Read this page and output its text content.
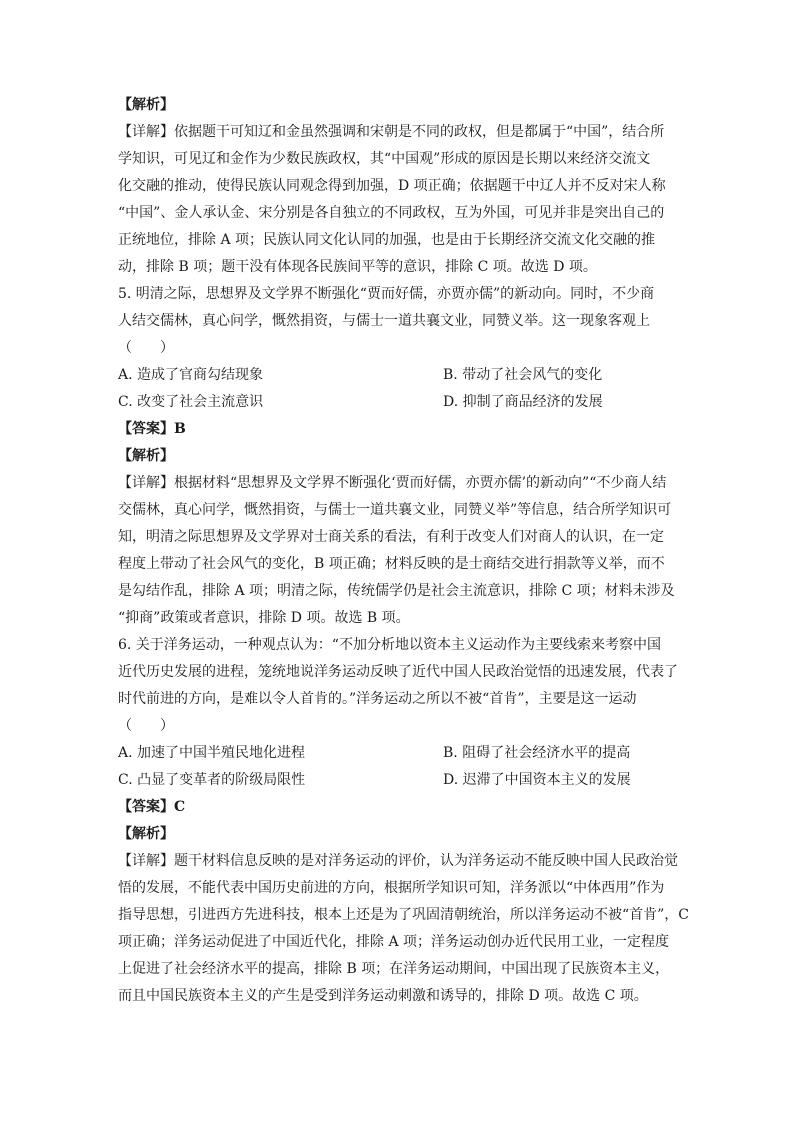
【解析】
【详解】依据题干可知辽和金虽然强调和宋朝是不同的政权，但是都属于“中国”，结合所
学知识，可见辽和金作为少数民族政权，其“中国观”形成的原因是长期以来经济交流文
化交融的推动，使得民族认同观念得到加强，D 项正确；依据题干中辽人并不反对宋人称
“中国”、金人承认金、宋分别是各自独立的不同政权，互为外国，可见并非是突出自己的
正统地位，排除 A 项；民族认同文化认同的加强，也是由于长期经济交流文化交融的推
动，排除 B 项；题干没有体现各民族间平等的意识，排除 C 项。故选 D 项。
5. 明清之际，思想界及文学界不断强化“贾而好儒，亦贾亦儒”的新动向。同时，不少商
人结交儒林，真心问学，慨然捐资，与儒士一道共襄文业，同赞义举。这一现象客观上
（　　）
A. 造成了官商勾结现象	B. 带动了社会风气的变化
C. 改变了社会主流意识	D. 抑制了商品经济的发展
【答案】B
【解析】
【详解】根据材料“思想界及文学界不断强化‘贾而好儒，亦贾亦儒’的新动向”“不少商人结
交儒林，真心问学，慨然捐资，与儒士一道共襄文业，同赞义举”等信息，结合所学知识可
知，明清之际思想界及文学界对士商关系的看法，有利于改变人们对商人的认识，在一定
程度上带动了社会风气的变化，B 项正确；材料反映的是士商结交进行捐款等义举，而不
是勾结作乱，排除 A 项；明清之际，传统儒学仍是社会主流意识，排除 C 项；材料未涉及
“抑商”政策或者意识，排除 D 项。故选 B 项。
6. 关于洋务运动，一种观点认为：“不加分析地以资本主义运动作为主要线索来考察中国
近代历史发展的进程，笼统地说洋务运动反映了近代中国人民政治觉悟的迅速发展，代表了
时代前进的方向，是难以令人首肯的。”洋务运动之所以不被“首肯”，主要是这一运动
（　　）
A. 加速了中国半殖民地化进程	B. 阻碍了社会经济水平的提高
C. 凸显了变革者的阶级局限性	D. 迟滞了中国资本主义的发展
【答案】C
【解析】
【详解】题干材料信息反映的是对洋务运动的评价，认为洋务运动不能反映中国人民政治觉
悟的发展，不能代表中国历史前进的方向，根据所学知识可知，洋务派以“中体西用”作为
指导思想，引进西方先进科技，根本上还是为了巩固清朝统治，所以洋务运动不被“首肯”，C
项正确；洋务运动促进了中国近代化，排除 A 项；洋务运动创办近代民用工业，一定程度
上促进了社会经济水平的提高，排除 B 项；在洋务运动期间，中国出现了民族资本主义，
而且中国民族资本主义的产生是受到洋务运动刺激和诱导的，排除 D 项。故选 C 项。
